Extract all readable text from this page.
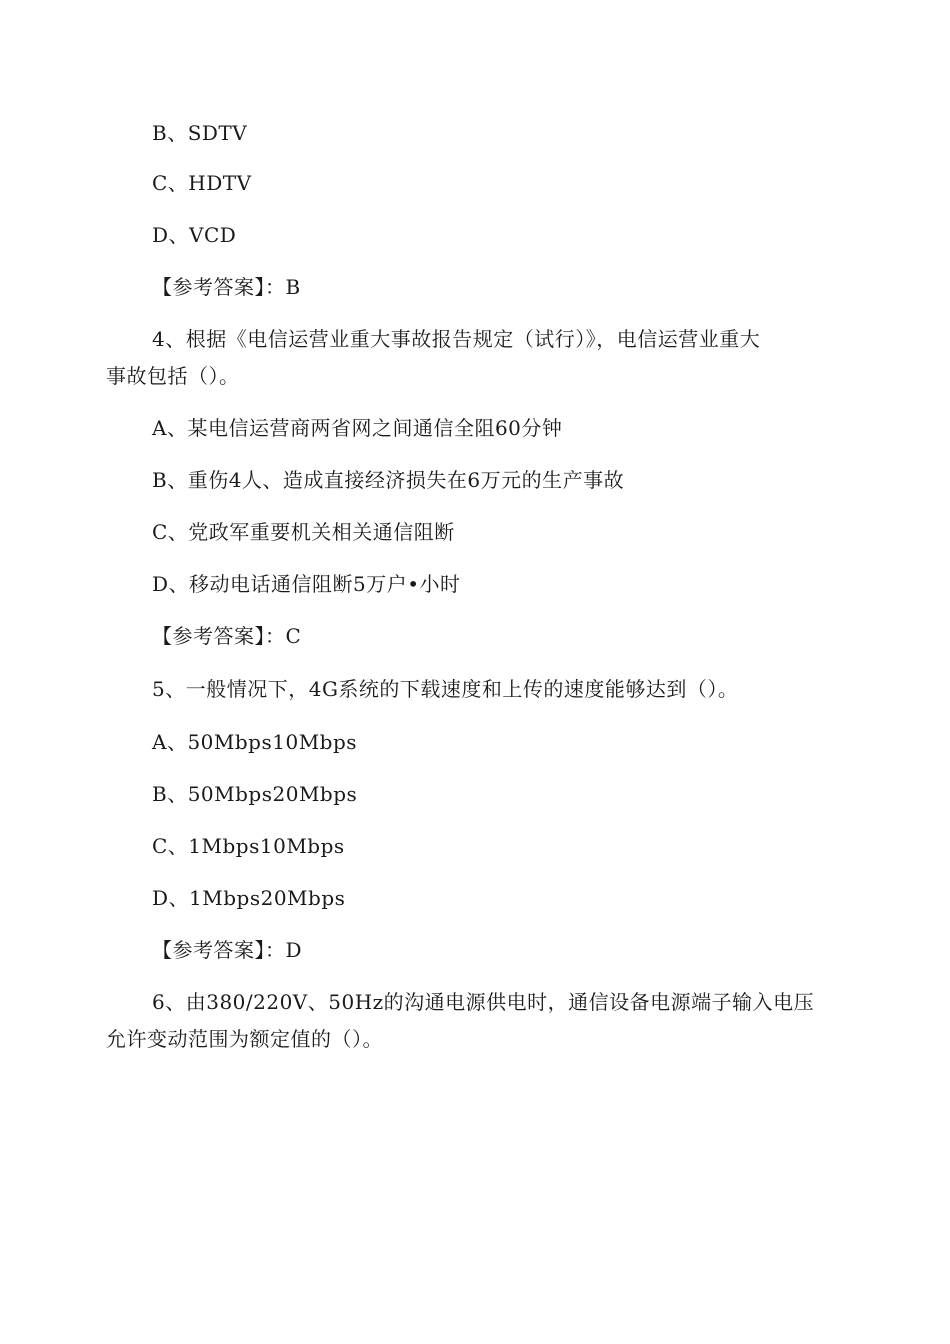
B、SDTV
C、HDTV
D、VCD
【参考答案】：B
4、根据《电信运营业重大事故报告规定（试行）》，电信运营业重大
事故包括（）。
A、某电信运营商两省网之间通信全阻60分钟
B、重伤4人、造成直接经济损失在6万元的生产事故
C、党政军重要机关相关通信阻断
D、移动电话通信阻断5万户•小时
【参考答案】：C
5、一般情况下，4G系统的下载速度和上传的速度能够达到（）。
A、50Mbps10Mbps
B、50Mbps20Mbps
C、1Mbps10Mbps
D、1Mbps20Mbps
【参考答案】：D
6、由380/220V、50Hz的沟通电源供电时，通信设备电源端子输入电压
允许变动范围为额定值的（）。
